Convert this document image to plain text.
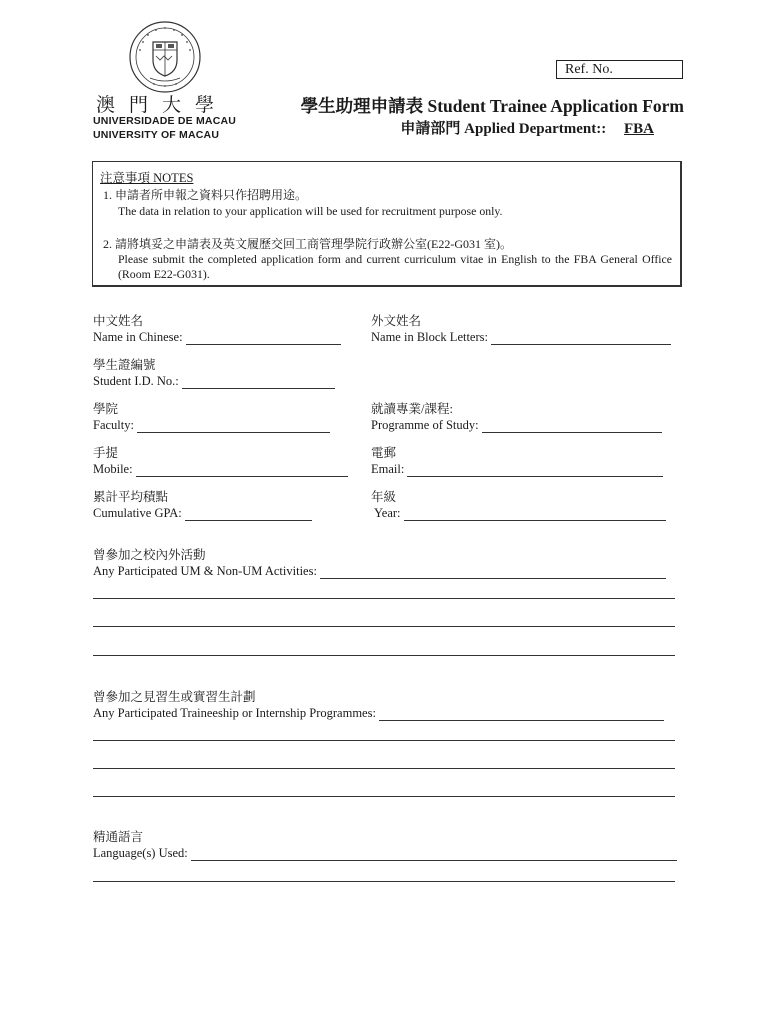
澳門大學
UNIVERSIDADE DE MACAU
UNIVERSITY OF MACAU
Ref. No.
學生助理申請表 Student Trainee Application Form
申請部門 Applied Department:: FBA
注意事項 NOTES
1. 申請者所申報之資料只作招聘用途。
The data in relation to your application will be used for recruitment purpose only.
2. 請將填妥之申請表及英文履歷交回工商管理學院行政辦公室(E22-G031 室)。
Please submit the completed application form and current curriculum vitae in English to the FBA General Office (Room E22-G031).
中文姓名
Name in Chinese:
外文姓名
Name in Block Letters:
學生證編號
Student I.D. No.:
學院
Faculty:
就讀專業/課程:
Programme of Study:
手提
Mobile:
電郵
Email:
累計平均積點
Cumulative GPA:
年級
Year:
曾參加之校內外活動
Any Participated UM & Non-UM Activities:
曾參加之見習生或實習生計劃
Any Participated Traineeship or Internship Programmes:
精通語言
Language(s) Used:
